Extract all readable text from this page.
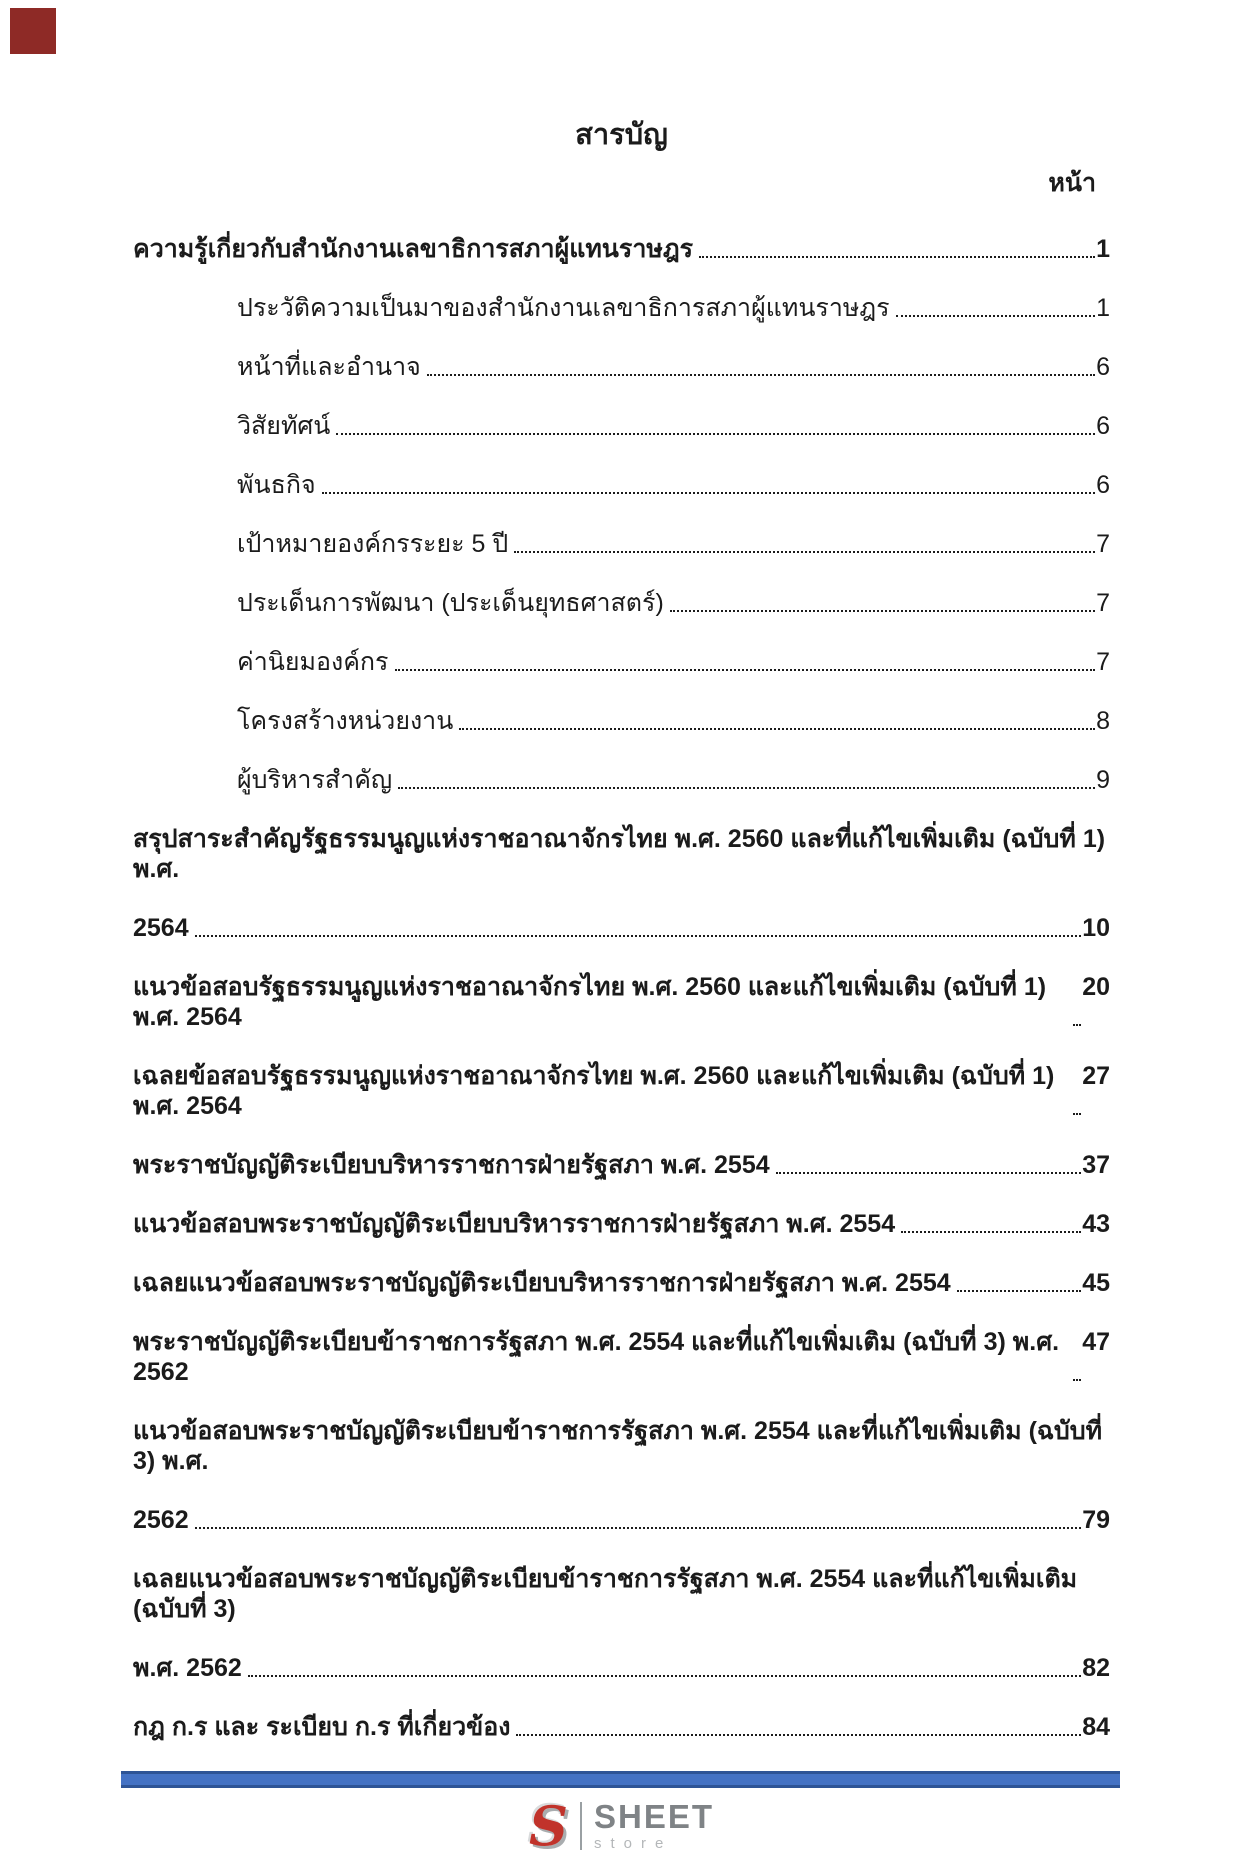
สารบัญ
หน้า
ความรู้เกี่ยวกับสำนักงานเลขาธิการสภาผู้แทนราษฎร	1
ประวัติความเป็นมาของสำนักงานเลขาธิการสภาผู้แทนราษฎร	1
หน้าที่และอำนาจ	6
วิสัยทัศน์	6
พันธกิจ	6
เป้าหมายองค์กรระยะ 5 ปี	7
ประเด็นการพัฒนา (ประเด็นยุทธศาสตร์)	7
ค่านิยมองค์กร	7
โครงสร้างหน่วยงาน	8
ผู้บริหารสำคัญ	9
สรุปสาระสำคัญรัฐธรรมนูญแห่งราชอาณาจักรไทย พ.ศ. 2560 และที่แก้ไขเพิ่มเติม (ฉบับที่ 1) พ.ศ.
2564	10
แนวข้อสอบรัฐธรรมนูญแห่งราชอาณาจักรไทย พ.ศ. 2560 และแก้ไขเพิ่มเติม (ฉบับที่ 1) พ.ศ. 2564
20
เฉลยข้อสอบรัฐธรรมนูญแห่งราชอาณาจักรไทย พ.ศ. 2560 และแก้ไขเพิ่มเติม (ฉบับที่ 1) พ.ศ. 2564
27
พระราชบัญญัติระเบียบบริหารราชการฝ่ายรัฐสภา พ.ศ. 2554	37
แนวข้อสอบพระราชบัญญัติระเบียบบริหารราชการฝ่ายรัฐสภา พ.ศ. 2554	43
เฉลยแนวข้อสอบพระราชบัญญัติระเบียบบริหารราชการฝ่ายรัฐสภา พ.ศ. 2554	45
พระราชบัญญัติระเบียบข้าราชการรัฐสภา พ.ศ. 2554 และที่แก้ไขเพิ่มเติม (ฉบับที่ 3) พ.ศ. 2562
47
แนวข้อสอบพระราชบัญญัติระเบียบข้าราชการรัฐสภา พ.ศ. 2554 และที่แก้ไขเพิ่มเติม (ฉบับที่ 3) พ.ศ.
2562	79
เฉลยแนวข้อสอบพระราชบัญญัติระเบียบข้าราชการรัฐสภา พ.ศ. 2554 และที่แก้ไขเพิ่มเติม (ฉบับที่ 3)
พ.ศ. 2562	82
กฎ ก.ร และ ระเบียบ ก.ร ที่เกี่ยวข้อง	84
S SHEET
store
